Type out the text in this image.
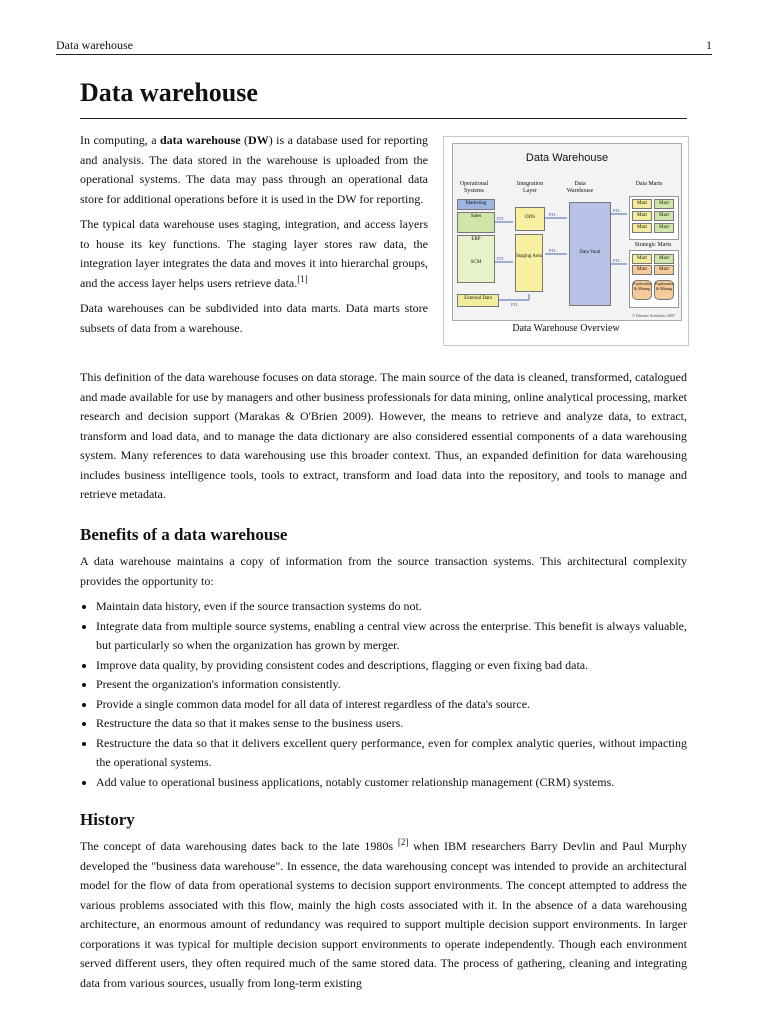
Data warehouse	1
Data warehouse

In computing, a data warehouse (DW) is a database used for reporting and analysis. The data stored in the warehouse is uploaded from the operational systems. The data may pass through an operational data store for additional operations before it is used in the DW for reporting.

The typical data warehouse uses staging, integration, and access layers to house its key functions. The staging layer stores raw data, the integration layer integrates the data and moves it into hierarchal groups, and the access layer helps users retrieve data.[1]

Data warehouses can be subdivided into data marts. Data marts store subsets of data from a warehouse.

Data Warehouse
Operational Systems
Integration Layer
Data Warehouse
Data Marts
Marketing
Sales
ERP
SCM
External Data
ODS
Staging Area
Data Vault
Mart	Mart
Mart	Mart
Mart	Mart
Strategic Marts
Mart	Mart
Mart	Mart
Exploration & Mining
Exploration & Mining
ETL
ETL
ETL
ETL
ETL
ETL
ETL
© Dresner Architects 2007
Data Warehouse Overview

This definition of the data warehouse focuses on data storage. The main source of the data is cleaned, transformed, catalogued and made available for use by managers and other business professionals for data mining, online analytical processing, market research and decision support (Marakas & O'Brien 2009). However, the means to retrieve and analyze data, to extract, transform and load data, and to manage the data dictionary are also considered essential components of a data warehousing system. Many references to data warehousing use this broader context. Thus, an expanded definition for data warehousing includes business intelligence tools, tools to extract, transform and load data into the repository, and tools to manage and retrieve metadata.

Benefits of a data warehouse

A data warehouse maintains a copy of information from the source transaction systems. This architectural complexity provides the opportunity to:

• Maintain data history, even if the source transaction systems do not.
• Integrate data from multiple source systems, enabling a central view across the enterprise. This benefit is always valuable, but particularly so when the organization has grown by merger.
• Improve data quality, by providing consistent codes and descriptions, flagging or even fixing bad data.
• Present the organization's information consistently.
• Provide a single common data model for all data of interest regardless of the data's source.
• Restructure the data so that it makes sense to the business users.
• Restructure the data so that it delivers excellent query performance, even for complex analytic queries, without impacting the operational systems.
• Add value to operational business applications, notably customer relationship management (CRM) systems.
History

The concept of data warehousing dates back to the late 1980s [2] when IBM researchers Barry Devlin and Paul Murphy developed the "business data warehouse". In essence, the data warehousing concept was intended to provide an architectural model for the flow of data from operational systems to decision support environments. The concept attempted to address the various problems associated with this flow, mainly the high costs associated with it. In the absence of a data warehousing architecture, an enormous amount of redundancy was required to support multiple decision support environments. In larger corporations it was typical for multiple decision support environments to operate independently. Though each environment served different users, they often required much of the same stored data. The process of gathering, cleaning and integrating data from various sources, usually from long-term existing
